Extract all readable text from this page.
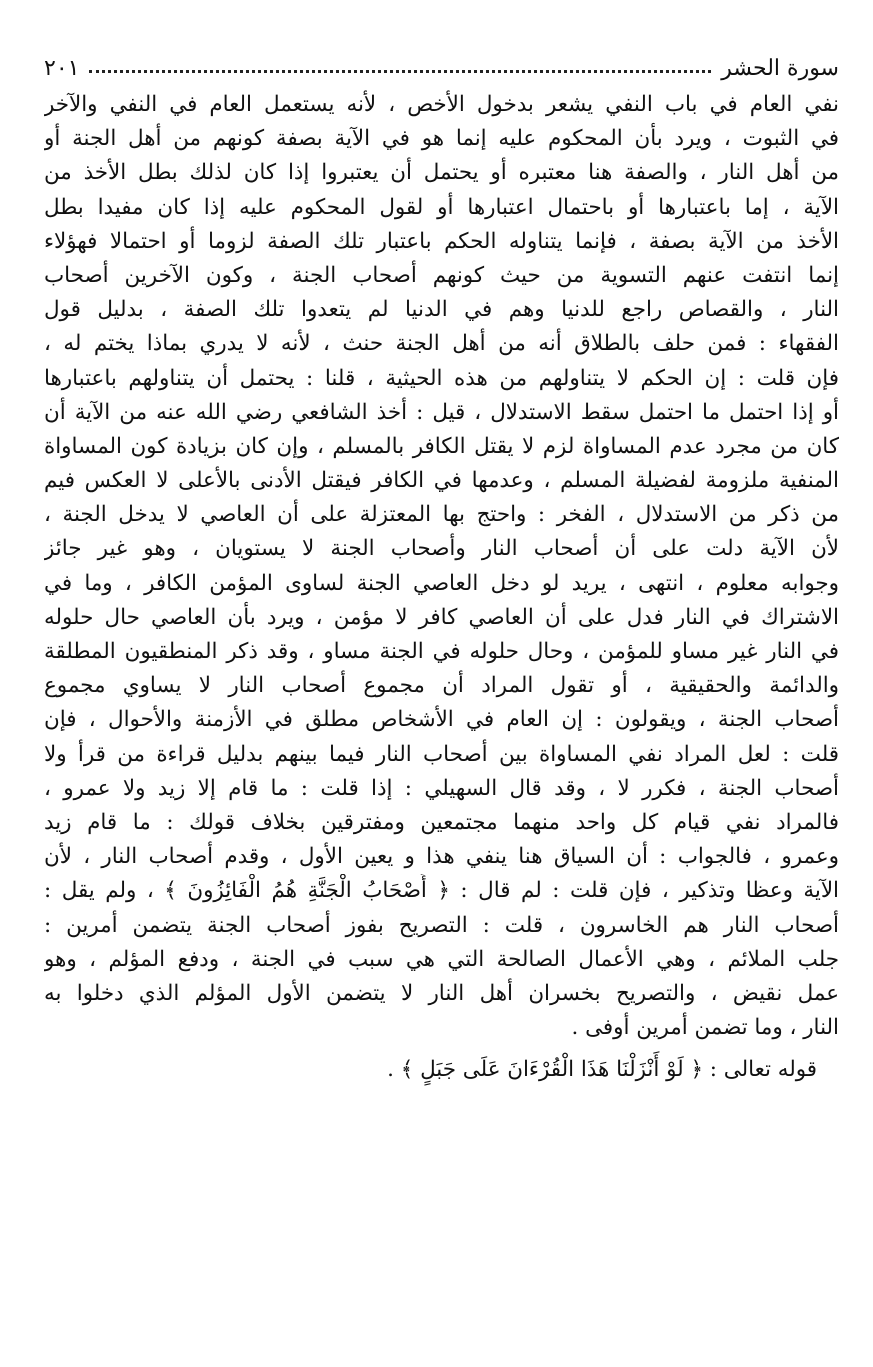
سورة الحشر
٢٠١
نفي العام في باب النفي يشعر بدخول الأخص ، لأنه يستعمل العام في النفي والآخر
في الثبوت ، ويرد بأن المحكوم عليه إنما هو في الآية بصفة كونهم من أهل الجنة أو
من أهل النار ، والصفة هنا معتبره أو يحتمل أن يعتبروا إذا كان لذلك بطل الأخذ من
الآية ، إما باعتبارها أو باحتمال اعتبارها أو لقول المحكوم عليه إذا كان مفيدا بطل
الأخذ من الآية بصفة ، فإنما يتناوله الحكم باعتبار تلك الصفة لزوما أو احتمالا فهؤلاء
إنما انتفت عنهم التسوية من حيث كونهم أصحاب الجنة ، وكون الآخرين أصحاب
النار ، والقصاص راجع للدنيا وهم في الدنيا لم يتعدوا تلك الصفة ، بدليل قول
الفقهاء : فمن حلف بالطلاق أنه من أهل الجنة حنث ، لأنه لا يدري بماذا يختم له ،
فإن قلت : إن الحكم لا يتناولهم من هذه الحيثية ، قلنا : يحتمل أن يتناولهم باعتبارها
أو إذا احتمل ما احتمل سقط الاستدلال ، قيل : أخذ الشافعي رضي الله عنه من الآية أن
كان من مجرد عدم المساواة لزم لا يقتل الكافر بالمسلم ، وإن كان بزيادة كون المساواة
المنفية ملزومة لفضيلة المسلم ، وعدمها في الكافر فيقتل الأدنى بالأعلى لا العكس فيم
من ذكر من الاستدلال ، الفخر : واحتج بها المعتزلة على أن العاصي لا يدخل الجنة ،
لأن الآية دلت على أن أصحاب النار وأصحاب الجنة لا يستويان ، وهو غير جائز
وجوابه معلوم ، انتهى ، يريد لو دخل العاصي الجنة لساوى المؤمن الكافر ، وما في
الاشتراك في النار فدل على أن العاصي كافر لا مؤمن ، ويرد بأن العاصي حال حلوله
في النار غير مساو للمؤمن ، وحال حلوله في الجنة مساو ، وقد ذكر المنطقيون المطلقة
والدائمة والحقيقية ، أو تقول المراد أن مجموع أصحاب النار لا يساوي مجموع
أصحاب الجنة ، ويقولون : إن العام في الأشخاص مطلق في الأزمنة والأحوال ، فإن
قلت : لعل المراد نفي المساواة بين أصحاب النار فيما بينهم بدليل قراءة من قرأ ولا
أصحاب الجنة ، فكرر لا ، وقد قال السهيلي : إذا قلت : ما قام إلا زيد ولا عمرو ،
فالمراد نفي قيام كل واحد منهما مجتمعين ومفترقين بخلاف قولك : ما قام زيد
وعمرو ، فالجواب : أن السياق هنا ينفي هذا و يعين الأول ، وقدم أصحاب النار ، لأن
الآية وعظا وتذكير ، فإن قلت : لم قال : ﴿ أَصْحَابُ الْجَنَّةِ هُمُ الْفَائِزُونَ ﴾ ، ولم يقل :
أصحاب النار هم الخاسرون ، قلت : التصريح بفوز أصحاب الجنة يتضمن أمرين :
جلب الملائم ، وهي الأعمال الصالحة التي هي سبب في الجنة ، ودفع المؤلم ، وهو
عمل نقيض ، والتصريح بخسران أهل النار لا يتضمن الأول المؤلم الذي دخلوا به
النار ، وما تضمن أمرين أوفى .
قوله تعالى : ﴿ لَوْ أَنْزَلْنَا هَذَا الْقُرْءَانَ عَلَى جَبَلٍ ﴾ .
